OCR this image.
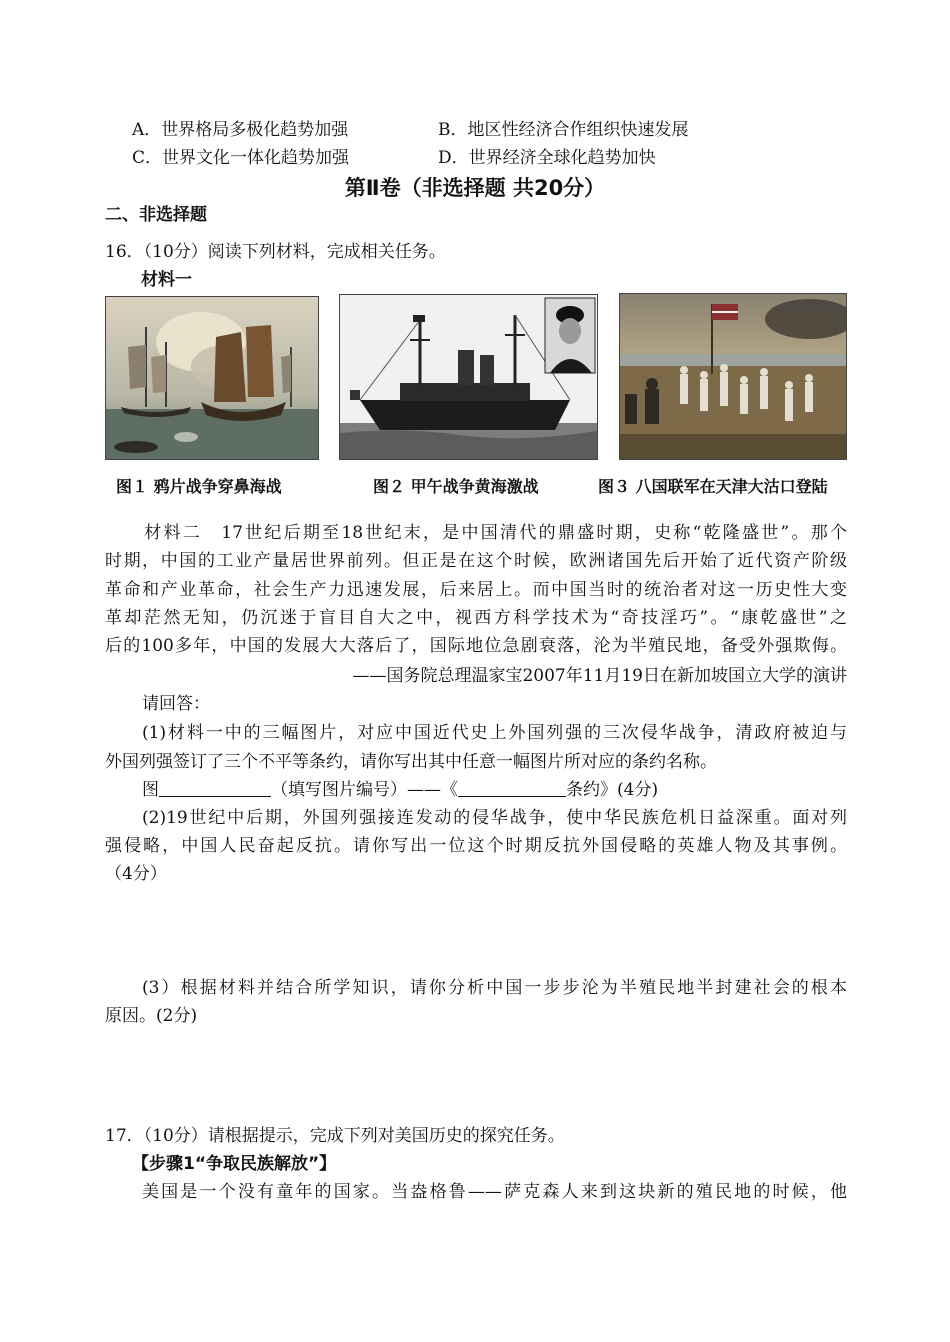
A．世界格局多极化趋势加强	B．地区性经济合作组织快速发展
C．世界文化一体化趋势加强	D．世界经济全球化趋势加快
第Ⅱ卷（非选择题 共20分）
二、非选择题
16．（10分）阅读下列材料，完成相关任务。
材料一
图１ 鸦片战争穿鼻海战	图２ 甲午战争黄海激战	图３ 八国联军在天津大沽口登陆
材料二　17世纪后期至18世纪末，是中国清代的鼎盛时期，史称“乾隆盛世”。那个
时期，中国的工业产量居世界前列。但正是在这个时候，欧洲诸国先后开始了近代资产阶级
革命和产业革命，社会生产力迅速发展，后来居上。而中国当时的统治者对这一历史性大变
革却茫然无知，仍沉迷于盲目自大之中，视西方科学技术为“奇技淫巧”。“康乾盛世”之
后的100多年，中国的发展大大落后了，国际地位急剧衰落，沦为半殖民地，备受外强欺侮。
——国务院总理温家宝2007年11月19日在新加坡国立大学的演讲
请回答：
(1)材料一中的三幅图片，对应中国近代史上外国列强的三次侵华战争，清政府被迫与
外国列强签订了三个不平等条约，请你写出其中任意一幅图片所对应的条约名称。
图	（填写图片编号）——《	条约》(4分)
(2)19世纪中后期，外国列强接连发动的侵华战争，使中华民族危机日益深重。面对列
强侵略，中国人民奋起反抗。请你写出一位这个时期反抗外国侵略的英雄人物及其事例。
（4分）
(3）根据材料并结合所学知识，请你分析中国一步步沦为半殖民地半封建社会的根本
原因。(2分)
17．（10分）请根据提示，完成下列对美国历史的探究任务。
【步骤1“争取民族解放”】
美国是一个没有童年的国家。当盎格鲁——萨克森人来到这块新的殖民地的时候，他
